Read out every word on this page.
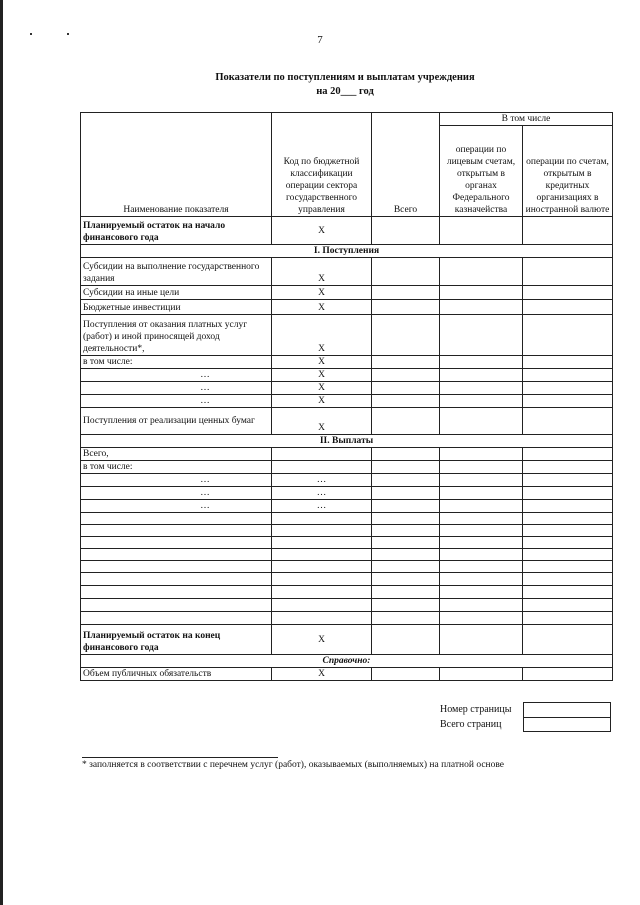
7
Показатели по поступлениям и выплатам учреждения
на 20___ год
Наименование показателя	Код по бюджетной классификации операции сектора государственного управления	Всего	В том числе	
			операции по лицевым счетам, открытым в органах Федерального казначейства	операции по счетам, открытым в кредитных организациях в иностранной валюте
Планируемый остаток на начало финансового года	X			
I. Поступления				
Субсидии на выполнение государственного задания	X			
Субсидии на иные цели	X			
Бюджетные инвестиции	X			
Поступления от оказания платных услуг (работ) и иной приносящей доход деятельности*,	X			
в том числе:	X			
…	X			
…	X			
…	X			
Поступления от реализации ценных бумаг	X			
II. Выплаты				
Всего,				
в том числе:				
…	…			
…	…			
…	…			

Планируемый остаток на конец финансового года	X			
Справочно:				
Объем публичных обязательств	X			
Номер страницы
Всего страниц
* заполняется в соответствии с перечнем услуг (работ), оказываемых (выполняемых) на платной основе
